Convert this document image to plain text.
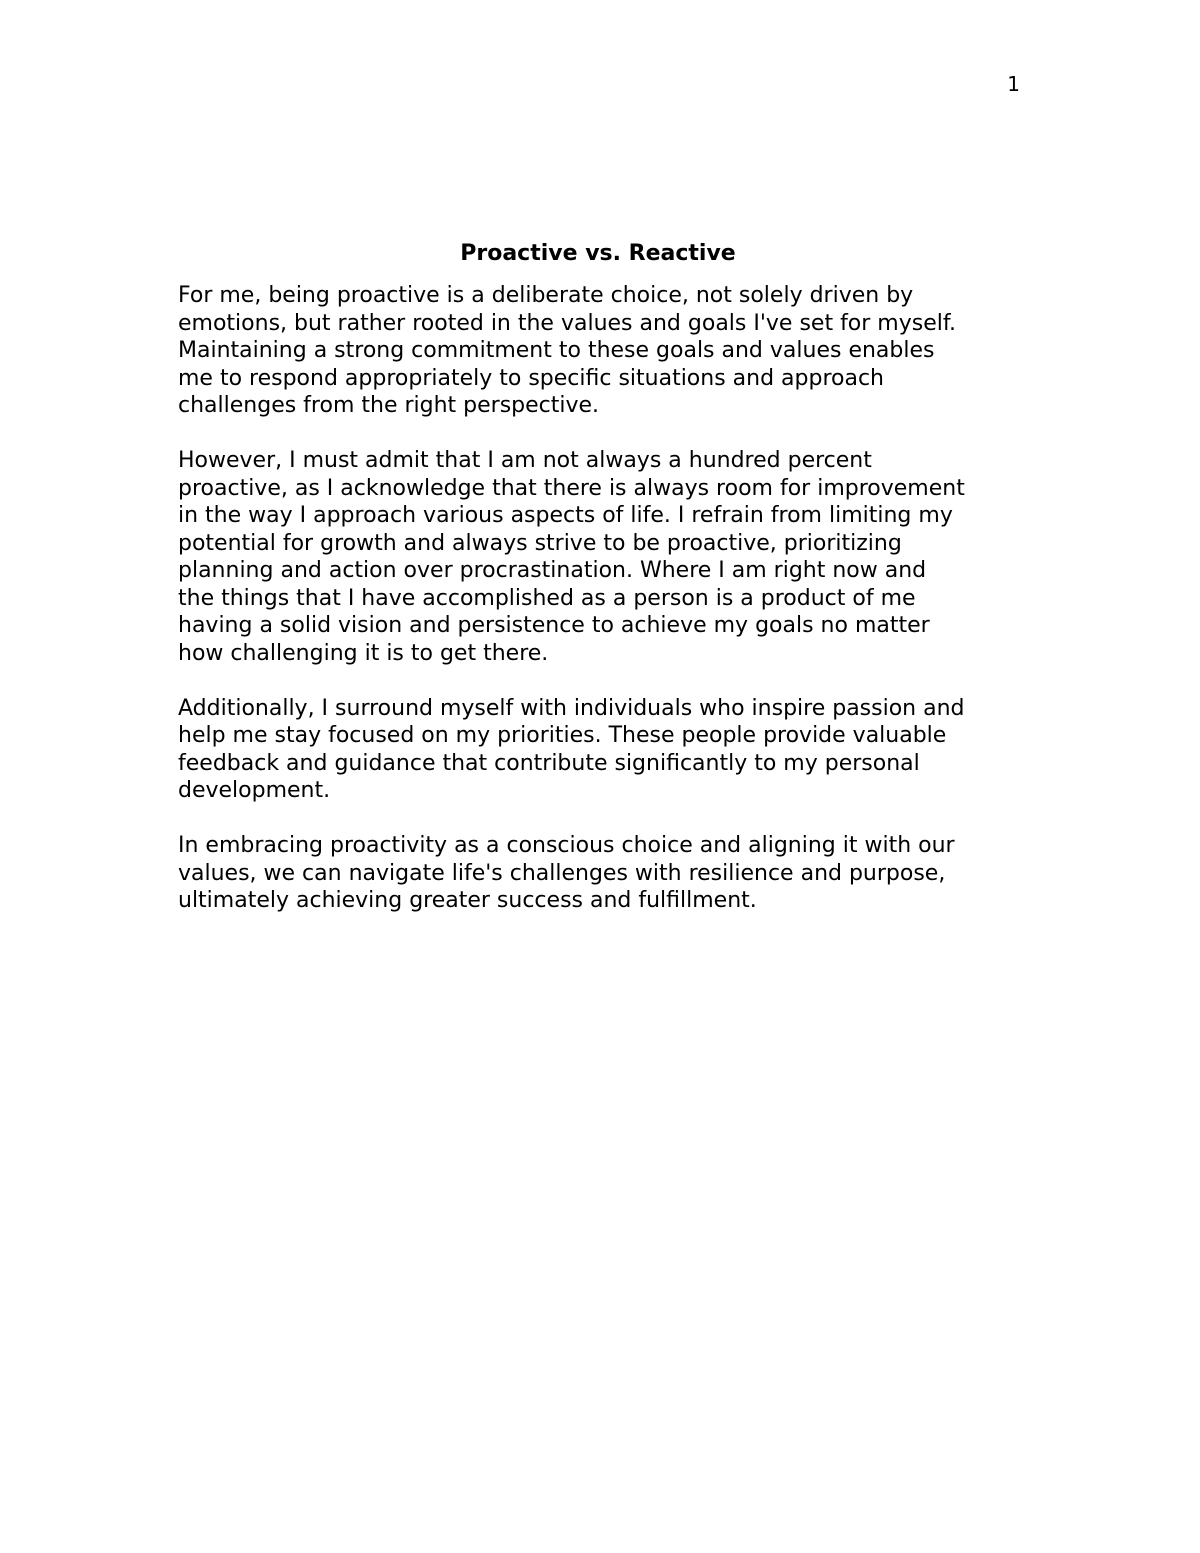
1
Proactive vs. Reactive

For me, being proactive is a deliberate choice, not solely driven by
emotions, but rather rooted in the values and goals I've set for myself.
Maintaining a strong commitment to these goals and values enables
me to respond appropriately to specific situations and approach
challenges from the right perspective.

However, I must admit that I am not always a hundred percent
proactive, as I acknowledge that there is always room for improvement
in the way I approach various aspects of life. I refrain from limiting my
potential for growth and always strive to be proactive, prioritizing
planning and action over procrastination. Where I am right now and
the things that I have accomplished as a person is a product of me
having a solid vision and persistence to achieve my goals no matter
how challenging it is to get there.

Additionally, I surround myself with individuals who inspire passion and
help me stay focused on my priorities. These people provide valuable
feedback and guidance that contribute significantly to my personal
development.

In embracing proactivity as a conscious choice and aligning it with our
values, we can navigate life's challenges with resilience and purpose,
ultimately achieving greater success and fulfillment.
